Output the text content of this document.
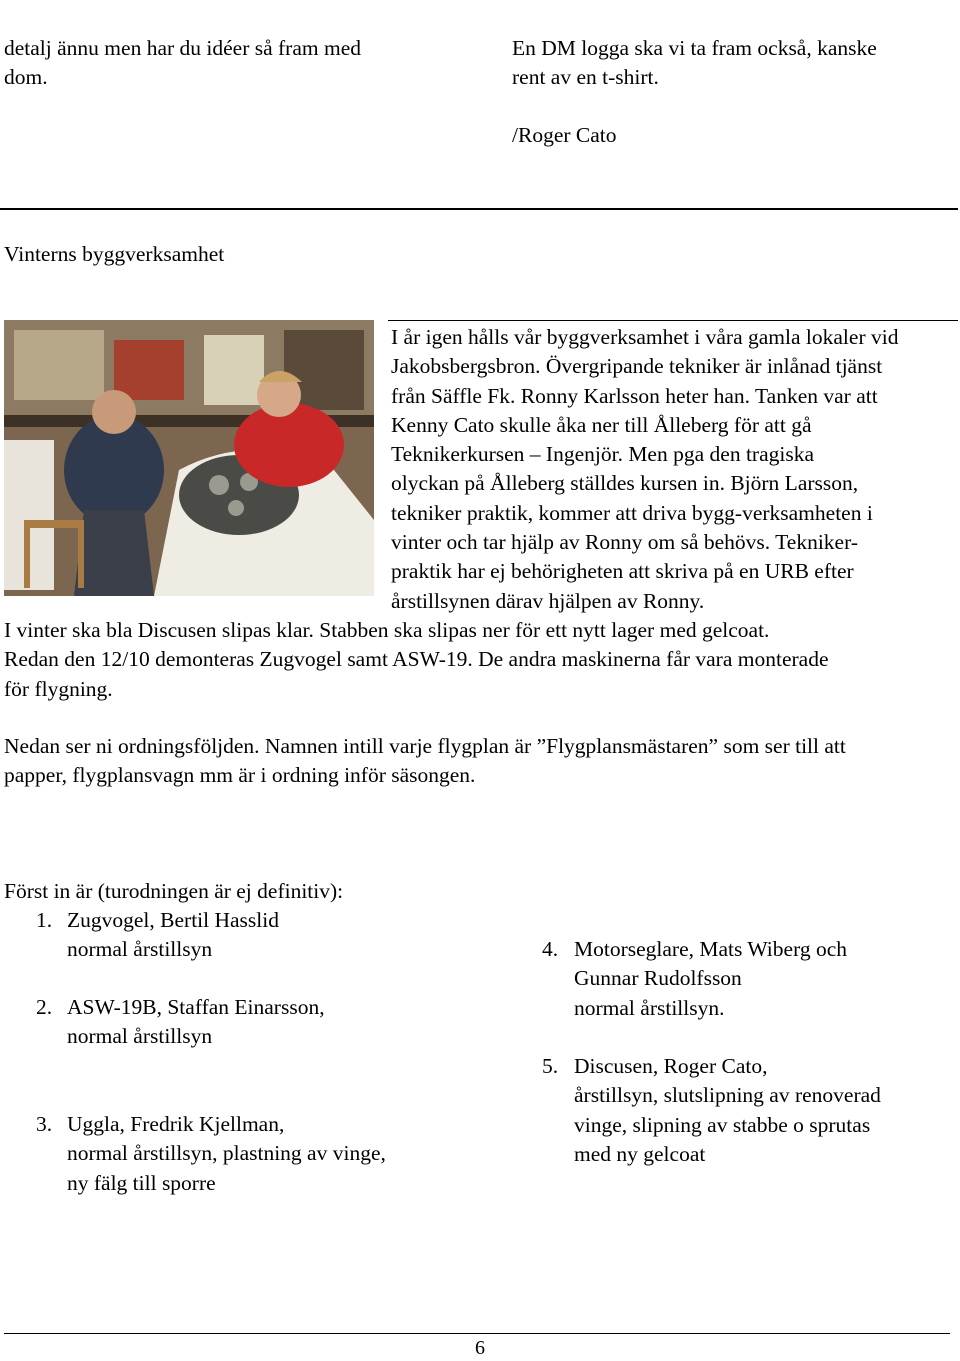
detalj ännu men har du idéer så fram med
dom.
En DM logga ska vi ta fram också, kanske
rent av en t-shirt.
/Roger Cato
Vinterns byggverksamhet
I år igen hålls vår byggverksamhet i våra gamla lokaler vid
Jakobsbergsbron. Övergripande tekniker är inlånad tjänst
från Säffle Fk. Ronny Karlsson heter han. Tanken var att
Kenny Cato skulle åka ner till Ålleberg för att gå
Teknikerkursen – Ingenjör. Men pga den tragiska
olyckan på Ålleberg ställdes kursen in. Björn Larsson,
tekniker praktik, kommer att driva bygg-verksamheten i
vinter och tar hjälp av Ronny om så behövs. Tekniker-
praktik har ej behörigheten att skriva på en URB efter
årstillsynen därav hjälpen av Ronny.
I vinter ska bla Discusen slipas klar. Stabben ska slipas ner för ett nytt lager med gelcoat.
Redan den 12/10 demonteras Zugvogel samt ASW-19. De andra maskinerna får vara monterade
för flygning.
Nedan ser ni ordningsföljden. Namnen intill varje flygplan är ”Flygplansmästaren” som ser till att
papper, flygplansvagn mm är i ordning inför säsongen.
Först in är (turodningen är ej definitiv):
1. Zugvogel, Bertil Hasslid
normal årstillsyn
2. ASW-19B, Staffan Einarsson,
normal årstillsyn
3. Uggla, Fredrik Kjellman,
normal årstillsyn, plastning av vinge,
ny fälg till sporre
4. Motorseglare, Mats Wiberg och
Gunnar Rudolfsson
normal årstillsyn.
5. Discusen, Roger Cato,
årstillsyn, slutslipning av renoverad
vinge, slipning av stabbe o sprutas
med ny gelcoat
6
